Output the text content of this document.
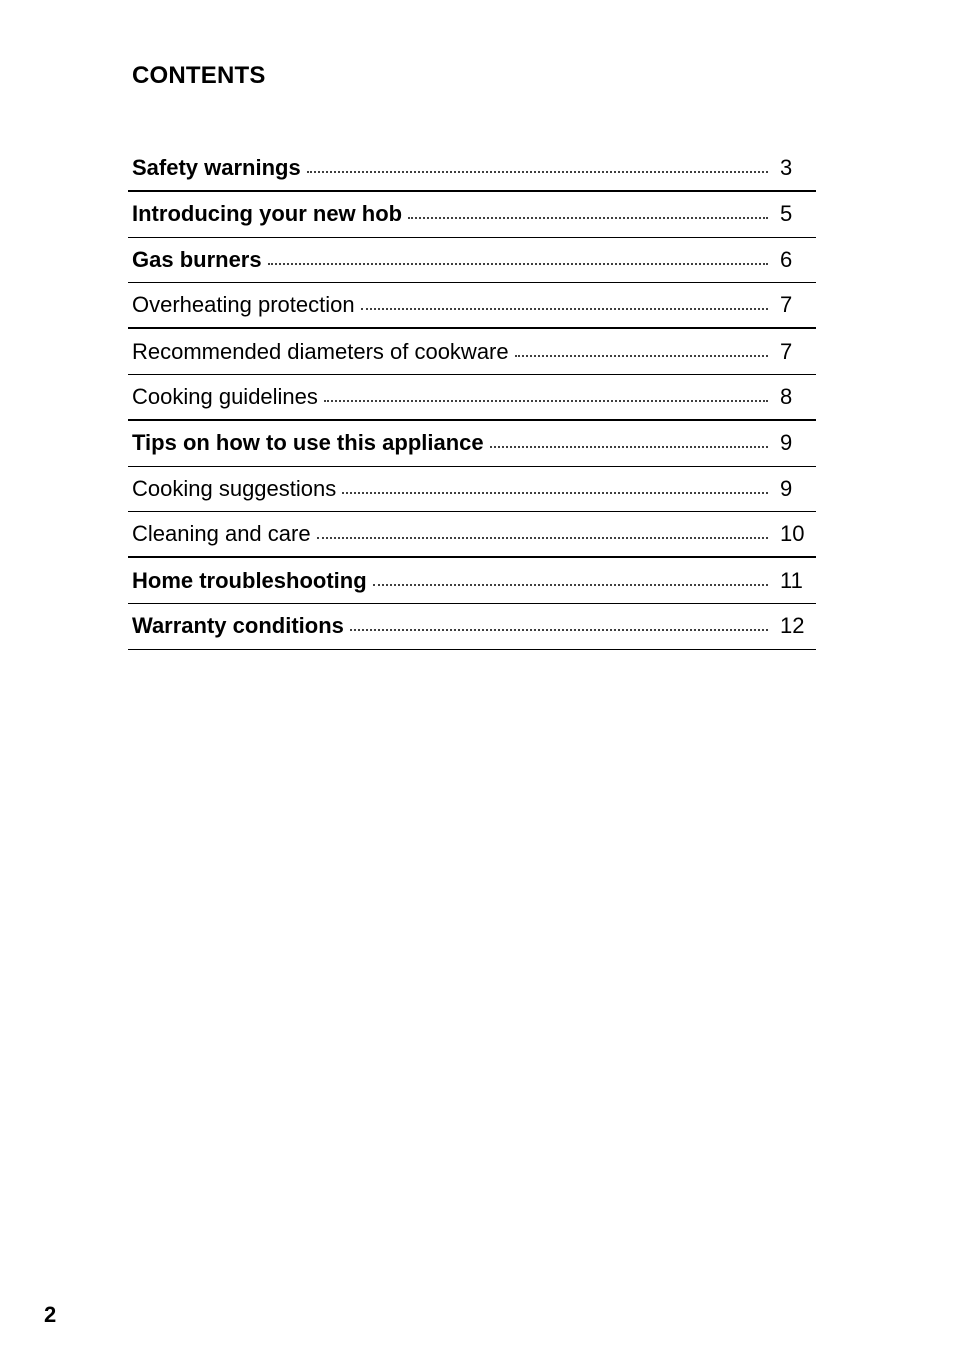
CONTENTS
Safety warnings	3
Introducing your new hob	5
Gas burners	6
Overheating protection	7
Recommended diameters of cookware	7
Cooking guidelines	8
Tips on how to use this appliance	9
Cooking suggestions	9
Cleaning and care	10
Home troubleshooting	11
Warranty conditions	12
2
